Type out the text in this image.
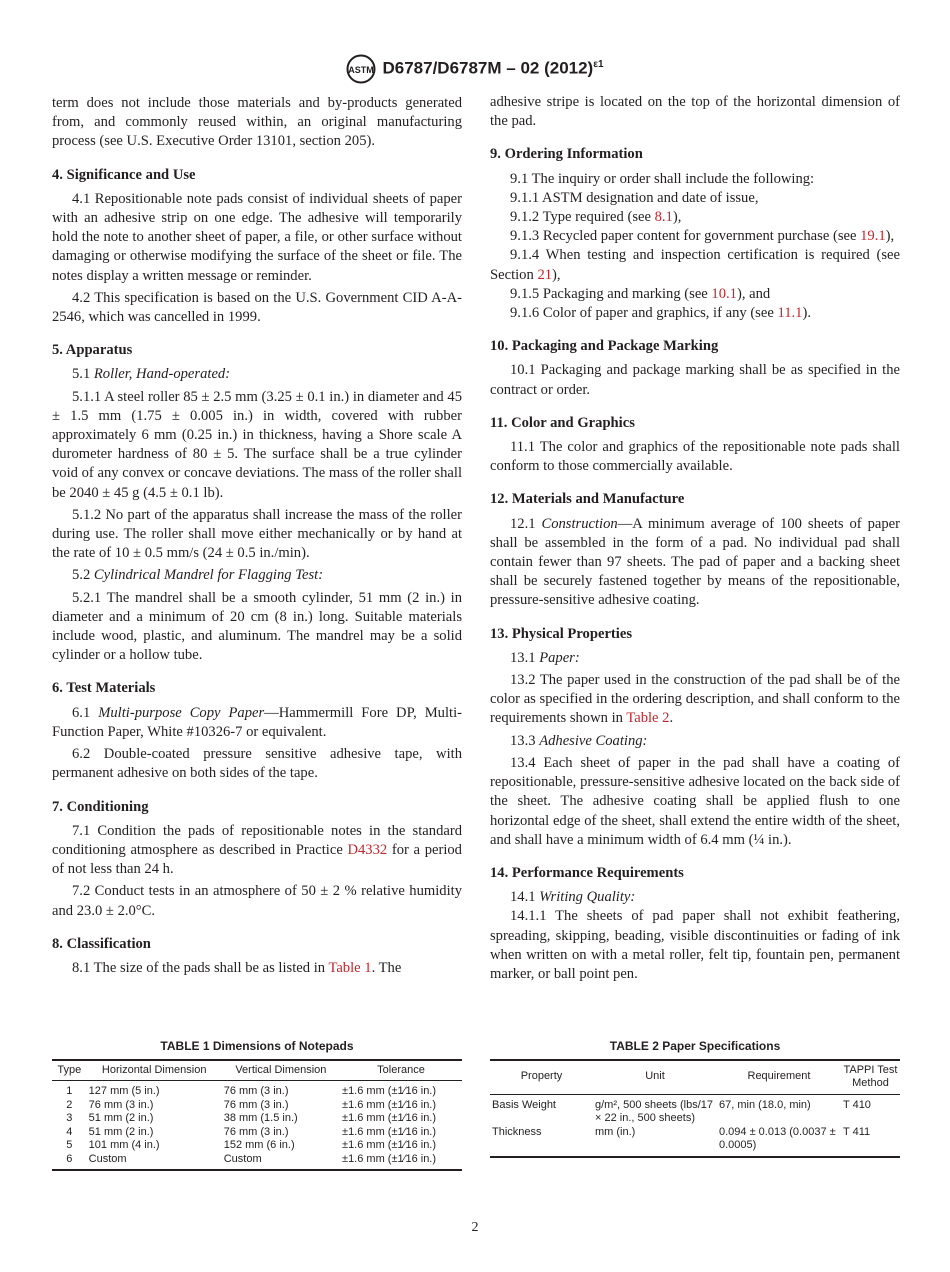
ASTM D6787/D6787M – 02 $(2012)^{\varepsilon 1}$
term does not include those materials and by-products generated from, and commonly reused within, an original manufacturing process (see U.S. Executive Order 13101, section 205).
4. Significance and Use
4.1 Repositionable note pads consist of individual sheets of paper with an adhesive strip on one edge. The adhesive will temporarily hold the note to another sheet of paper, a file, or other surface without damaging or otherwise modifying the surface of the sheet or file. The notes display a written message or reminder.
4.2 This specification is based on the U.S. Government CID A-A-2546, which was cancelled in 1999.
5. Apparatus
5.1 Roller, Hand-operated:
5.1.1 A steel roller 85 ± 2.5 mm (3.25 ± 0.1 in.) in diameter and 45 ± 1.5 mm (1.75 ± 0.005 in.) in width, covered with rubber approximately 6 mm (0.25 in.) in thickness, having a Shore scale A durometer hardness of 80 ± 5. The surface shall be a true cylinder void of any convex or concave deviations. The mass of the roller shall be 2040 ± 45 g (4.5 ± 0.1 lb).
5.1.2 No part of the apparatus shall increase the mass of the roller during use. The roller shall move either mechanically or by hand at the rate of 10 ± 0.5 mm/s (24 ± 0.5 in./min).
5.2 Cylindrical Mandrel for Flagging Test:
5.2.1 The mandrel shall be a smooth cylinder, 51 mm (2 in.) in diameter and a minimum of 20 cm (8 in.) long. Suitable materials include wood, plastic, and aluminum. The mandrel may be a solid cylinder or a hollow tube.
6. Test Materials
6.1 Multi-purpose Copy Paper—Hammermill Fore DP, Multi-Function Paper, White #10326-7 or equivalent.
6.2 Double-coated pressure sensitive adhesive tape, with permanent adhesive on both sides of the tape.
7. Conditioning
7.1 Condition the pads of repositionable notes in the standard conditioning atmosphere as described in Practice D4332 for a period of not less than 24 h.
7.2 Conduct tests in an atmosphere of 50 ± 2 % relative humidity and 23.0 ± 2.0°C.
8. Classification
8.1 The size of the pads shall be as listed in Table 1. The
adhesive stripe is located on the top of the horizontal dimension of the pad.
9. Ordering Information
9.1 The inquiry or order shall include the following:
9.1.1 ASTM designation and date of issue,
9.1.2 Type required (see 8.1),
9.1.3 Recycled paper content for government purchase (see 19.1),
9.1.4 When testing and inspection certification is required (see Section 21),
9.1.5 Packaging and marking (see 10.1), and
9.1.6 Color of paper and graphics, if any (see 11.1).
10. Packaging and Package Marking
10.1 Packaging and package marking shall be as specified in the contract or order.
11. Color and Graphics
11.1 The color and graphics of the repositionable note pads shall conform to those commercially available.
12. Materials and Manufacture
12.1 Construction—A minimum average of 100 sheets of paper shall be assembled in the form of a pad. No individual pad shall contain fewer than 97 sheets. The pad of paper and a backing sheet shall be securely fastened together by means of the repositionable, pressure-sensitive adhesive coating.
13. Physical Properties
13.1 Paper:
13.2 The paper used in the construction of the pad shall be of the color as specified in the ordering description, and shall conform to the requirements shown in Table 2.
13.3 Adhesive Coating:
13.4 Each sheet of paper in the pad shall have a coating of repositionable, pressure-sensitive adhesive located on the back side of the sheet. The adhesive coating shall be applied flush to one horizontal edge of the sheet, shall extend the entire width of the sheet, and shall have a minimum width of 6.4 mm (¼ in.).
14. Performance Requirements
14.1 Writing Quality:
14.1.1 The sheets of pad paper shall not exhibit feathering, spreading, skipping, beading, visible discontinuities or fading of ink when written on with a metal roller, felt tip, fountain pen, permanent marker, or ball point pen.
TABLE 1 Dimensions of Notepads
Type	Horizontal Dimension	Vertical Dimension	Tolerance
1	127 mm (5 in.)	76 mm (3 in.)	±1.6 mm (±1⁄16 in.)
2	76 mm (3 in.)	76 mm (3 in.)	±1.6 mm (±1⁄16 in.)
3	51 mm (2 in.)	38 mm (1.5 in.)	±1.6 mm (±1⁄16 in.)
4	51 mm (2 in.)	76 mm (3 in.)	±1.6 mm (±1⁄16 in.)
5	101 mm (4 in.)	152 mm (6 in.)	±1.6 mm (±1⁄16 in.)
6	Custom	Custom	±1.6 mm (±1⁄16 in.)
TABLE 2 Paper Specifications
Property	Unit	Requirement	TAPPI Test Method
Basis Weight	g/m², 500 sheets (lbs/17 × 22 in., 500 sheets)	67, min (18.0, min)	T 410
Thickness	mm (in.)	0.094 ± 0.013 (0.0037 ± 0.0005)	T 411
2
